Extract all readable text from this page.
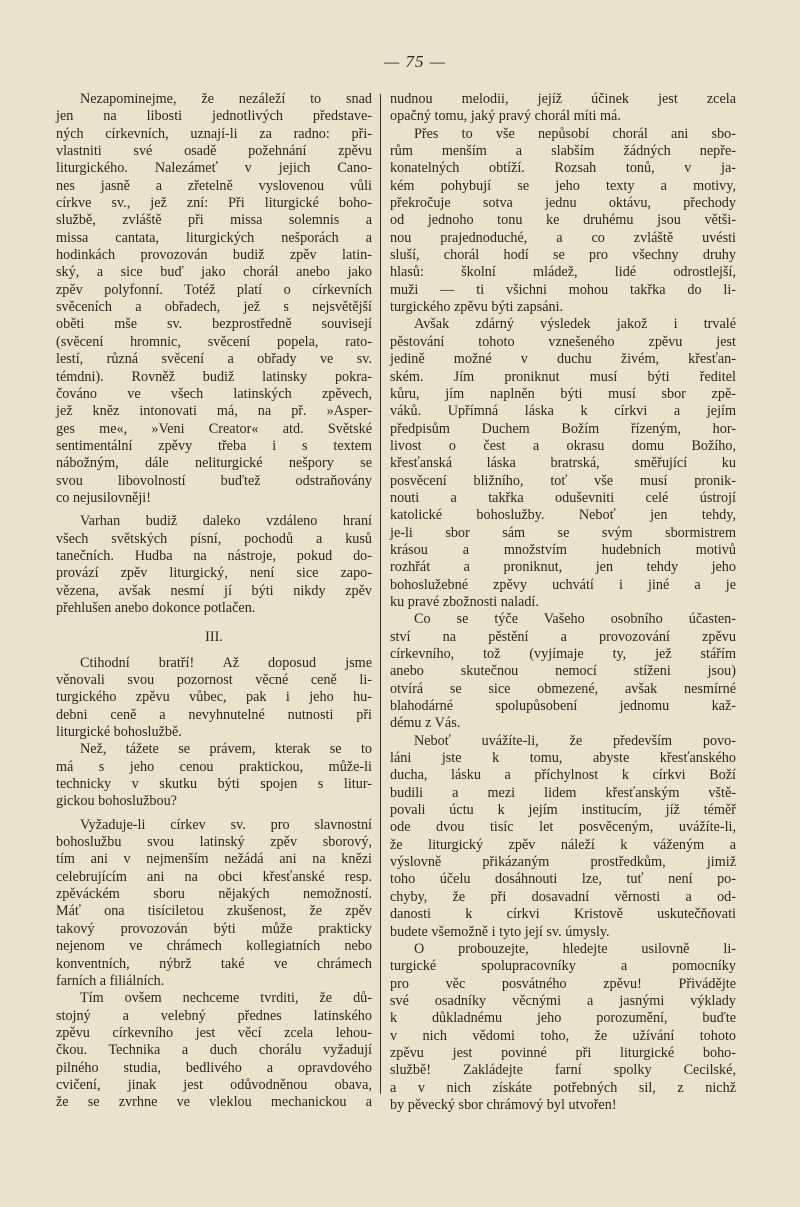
— 75 —
Nezapominejme, že nezáleží to snad
jen na libosti jednotlivých představe-
ných církevních, uznají-li za radno: při-
vlastniti své osadě požehnání zpěvu
liturgického. Nalezámeť v jejich Cano-
nes jasně a zřetelně vyslovenou vůli
církve sv., jež zní: Při liturgické boho-
službě, zvláště při missa solemnis a
missa cantata, liturgických nešporách a
hodinkách provozován budiž zpěv latin-
ský, a sice buď jako chorál anebo jako
zpěv polyfonní. Totéž platí o církevních
svěceních a obřadech, jež s nejsvětější
oběti mše sv. bezprostředně souvisejí
(svěcení hromnic, svěcení popela, rato-
lestí, různá svěcení a obřady ve sv.
témdni). Rovněž budiž latinsky pokra-
čováno ve všech latinských zpěvech,
jež kněz intonovati má, na př. »Asper-
ges me«, »Veni Creator« atd. Světské
sentimentální zpěvy třeba i s textem
nábožným, dále neliturgické nešpory se
svou libovolností buďtež odstraňovány
co nejusilovněji!
Varhan budiž daleko vzdáleno hraní
všech světských písní, pochodů a kusů
tanečních. Hudba na nástroje, pokud do-
provází zpěv liturgický, není sice zapo-
vězena, avšak nesmí jí býti nikdy zpěv
přehlušen anebo dokonce potlačen.
III.
Ctihodní bratří! Až doposud jsme
věnovali svou pozornost věcné ceně li-
turgického zpěvu vůbec, pak i jeho hu-
debni ceně a nevyhnutelné nutnosti při
liturgické bohoslužbě.
Než, tážete se právem, kterak se to
má s jeho cenou praktickou, může-li
technicky v skutku býti spojen s litur-
gickou bohoslužbou?
Vyžaduje-li církev sv. pro slavnostní
bohoslužbu svou latinský zpěv sborový,
tím ani v nejmenším nežádá ani na knězi
celebrujícím ani na obci křesťanské resp.
zpěváckém sboru nějakých nemožností.
Máť ona tisíciletou zkušenost, že zpěv
takový provozován býti může prakticky
nejenom ve chrámech kollegiatních nebo
konventních, nýbrž také ve chrámech
farních a filiálních.
Tím ovšem nechceme tvrditi, že dů-
stojný a velebný přednes latinského
zpěvu církevního jest věcí zcela lehou-
čkou. Technika a duch chorálu vyžadují
pilného studia, bedlivého a opravdového
cvičení, jinak jest odůvodněnou obava,
že se zvrhne ve vleklou mechanickou a
nudnou melodii, jejíž účinek jest zcela
opačný tomu, jaký pravý chorál míti má.
Přes to vše nepůsobí chorál ani sbo-
rům menším a slabším žádných nepře-
konatelných obtíží. Rozsah tonů, v ja-
kém pohybují se jeho texty a motivy,
překročuje sotva jednu oktávu, přechody
od jednoho tonu ke druhému jsou větši-
nou prajednoduché, a co zvláště uvésti
sluší, chorál hodí se pro všechny druhy
hlasů: školní mládež, lidé odrostlejší,
muži — ti všichni mohou takřka do li-
turgického zpěvu býti zapsáni.
Avšak zdárný výsledek jakož i trvalé
pěstování tohoto vznešeného zpěvu jest
jedině možné v duchu živém, křesťan-
ském. Jím proniknut musí býti ředitel
kůru, jím naplněn býti musí sbor zpě-
váků. Upřímná láska k církvi a jejím
předpisům Duchem Božím řízeným, hor-
livost o čest a okrasu domu Božího,
křesťanská láska bratrská, směřující ku
posvěcení bližního, toť vše musí pronik-
nouti a takřka oduševniti celé ústrojí
katolické bohoslužby. Neboť jen tehdy,
je-li sbor sám se svým sbormistrem
krásou a množstvím hudebních motivů
rozhřát a proniknut, jen tehdy jeho
bohoslužebné zpěvy uchvátí i jiné a je
ku pravé zbožnosti naladí.
Co se týče Vašeho osobního účasten-
ství na pěstění a provozování zpěvu
církevního, tož (vyjímaje ty, jež stářím
anebo skutečnou nemocí stíženi jsou)
otvírá se sice obmezené, avšak nesmírné
blahodárné spolupůsobení jednomu kaž-
dému z Vás.
Neboť uvážíte-li, že především povo-
láni jste k tomu, abyste křesťanského
ducha, lásku a příchylnost k církvi Boží
budili a mezi lidem křesťanským vště-
povali úctu k jejím institucím, jíž téměř
ode dvou tisíc let posvěceným, uvážíte-li,
že liturgický zpěv náleží k váženým a
výslovně přikázaným prostředkům, jimiž
toho účelu dosáhnouti lze, tuť není po-
chyby, že při dosavadní věrnosti a od-
danosti k církvi Kristově uskutečňovati
budete všemožně i tyto její sv. úmysly.
O probouzejte, hledejte usilovně li-
turgické spolupracovníky a pomocníky
pro věc posvátného zpěvu! Přivádějte
své osadníky věcnými a jasnými výklady
k důkladnému jeho porozumění, buďte
v nich vědomi toho, že užívání tohoto
zpěvu jest povinné při liturgické boho-
službě! Zakládejte farní spolky Cecilské,
a v nich získáte potřebných sil, z nichž
by pěvecký sbor chrámový byl utvořen!
